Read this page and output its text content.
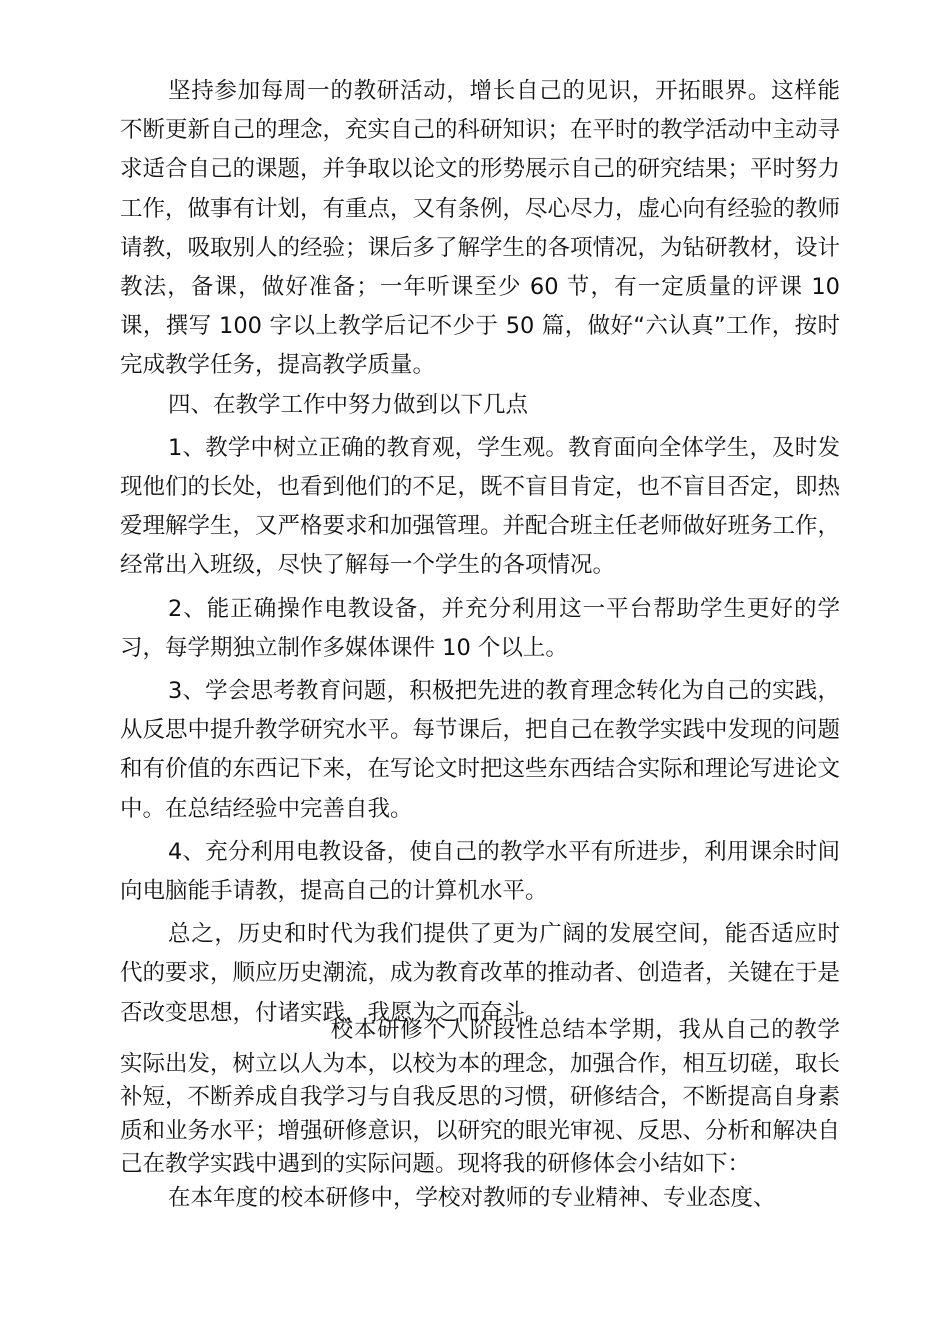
坚持参加每周一的教研活动，增长自己的见识，开拓眼界。这样能不断更新自己的理念，充实自己的科研知识；在平时的教学活动中主动寻求适合自己的课题，并争取以论文的形势展示自己的研究结果；平时努力工作，做事有计划，有重点，又有条例，尽心尽力，虚心向有经验的教师请教，吸取别人的经验；课后多了解学生的各项情况，为钻研教材，设计教法，备课，做好准备；一年听课至少 60 节，有一定质量的评课 10 课，撰写 100 字以上教学后记不少于 50 篇，做好“六认真”工作，按时完成教学任务，提高教学质量。

四、在教学工作中努力做到以下几点

1、教学中树立正确的教育观，学生观。教育面向全体学生，及时发现他们的长处，也看到他们的不足，既不盲目肯定，也不盲目否定，即热爱理解学生，又严格要求和加强管理。并配合班主任老师做好班务工作，经常出入班级，尽快了解每一个学生的各项情况。

2、能正确操作电教设备，并充分利用这一平台帮助学生更好的学习，每学期独立制作多媒体课件 10 个以上。

3、学会思考教育问题，积极把先进的教育理念转化为自己的实践，从反思中提升教学研究水平。每节课后，把自己在教学实践中发现的问题和有价值的东西记下来，在写论文时把这些东西结合实际和理论写进论文中。在总结经验中完善自我。

4、充分利用电教设备，使自己的教学水平有所进步，利用课余时间向电脑能手请教，提高自己的计算机水平。

总之，历史和时代为我们提供了更为广阔的发展空间，能否适应时代的要求，顺应历史潮流，成为教育改革的推动者、创造者，关键在于是否改变思想，付诸实践，我愿为之而奋斗。

校本研修个人阶段性总结本学期，我从自己的教学实际出发，树立以人为本，以校为本的理念，加强合作，相互切磋，取长补短，不断养成自我学习与自我反思的习惯，研修结合，不断提高自身素质和业务水平；增强研修意识，以研究的眼光审视、反思、分析和解决自己在教学实践中遇到的实际问题。现将我的研修体会小结如下：

在本年度的校本研修中，学校对教师的专业精神、专业态度、
